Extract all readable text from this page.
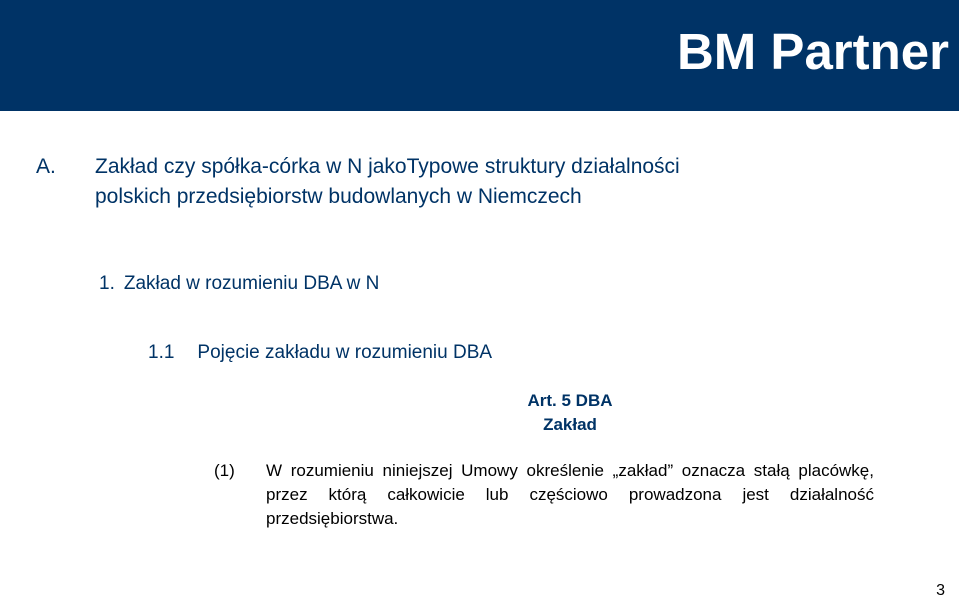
BM Partner
A. Zakład czy spółka-córka w N jakoTypowe struktury działalności polskich przedsiębiorstw budowlanych w Niemczech
1. Zakład w rozumieniu DBA w N
1.1 Pojęcie zakładu w rozumieniu DBA
Art. 5 DBA
Zakład
(1) W rozumieniu niniejszej Umowy określenie „zakład” oznacza stałą placówkę, przez którą całkowicie lub częściowo prowadzona jest działalność przedsiębiorstwa.
3
